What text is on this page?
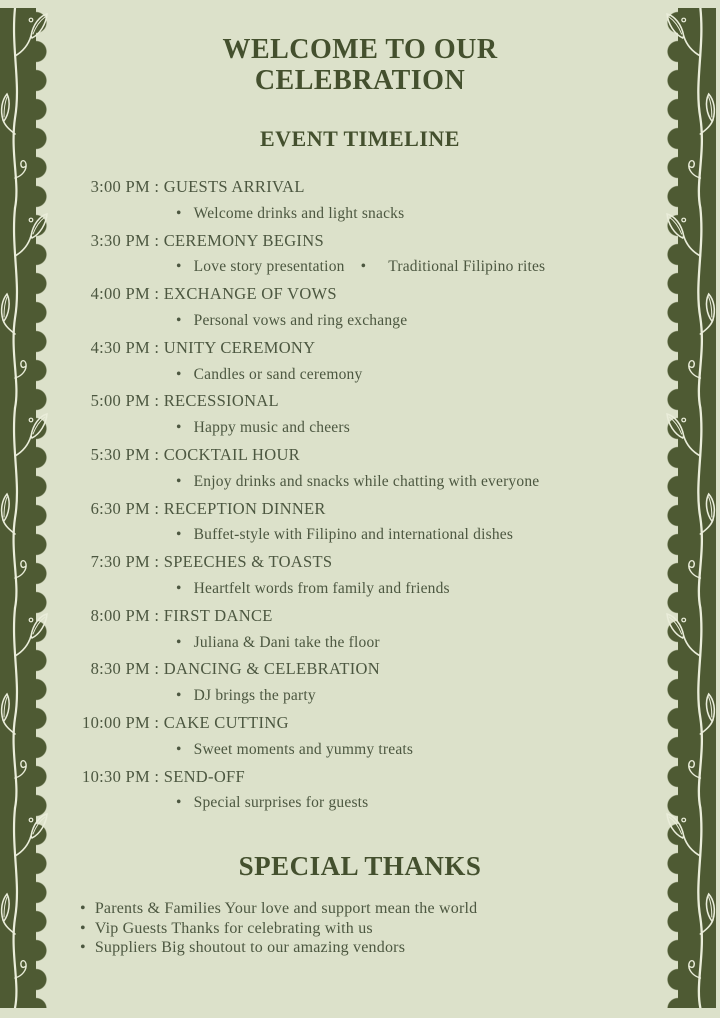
WELCOME TO OUR
CELEBRATION
EVENT TIMELINE
3:00 PM : GUESTS ARRIVAL
• Welcome drinks and light snacks
3:30 PM : CEREMONY BEGINS
• Love story presentation • Traditional Filipino rites
4:00 PM : EXCHANGE OF VOWS
• Personal vows and ring exchange
4:30 PM : UNITY CEREMONY
• Candles or sand ceremony
5:00 PM : RECESSIONAL
• Happy music and cheers
5:30 PM : COCKTAIL HOUR
• Enjoy drinks and snacks while chatting with everyone
6:30 PM : RECEPTION DINNER
• Buffet-style with Filipino and international dishes
7:30 PM : SPEECHES & TOASTS
• Heartfelt words from family and friends
8:00 PM : FIRST DANCE
• Juliana & Dani take the floor
8:30 PM : DANCING & CELEBRATION
• DJ brings the party
10:00 PM : CAKE CUTTING
• Sweet moments and yummy treats
10:30 PM : SEND-OFF
• Special surprises for guests
SPECIAL THANKS
• Parents & Families Your love and support mean the world
• Vip Guests Thanks for celebrating with us
• Suppliers Big shoutout to our amazing vendors
